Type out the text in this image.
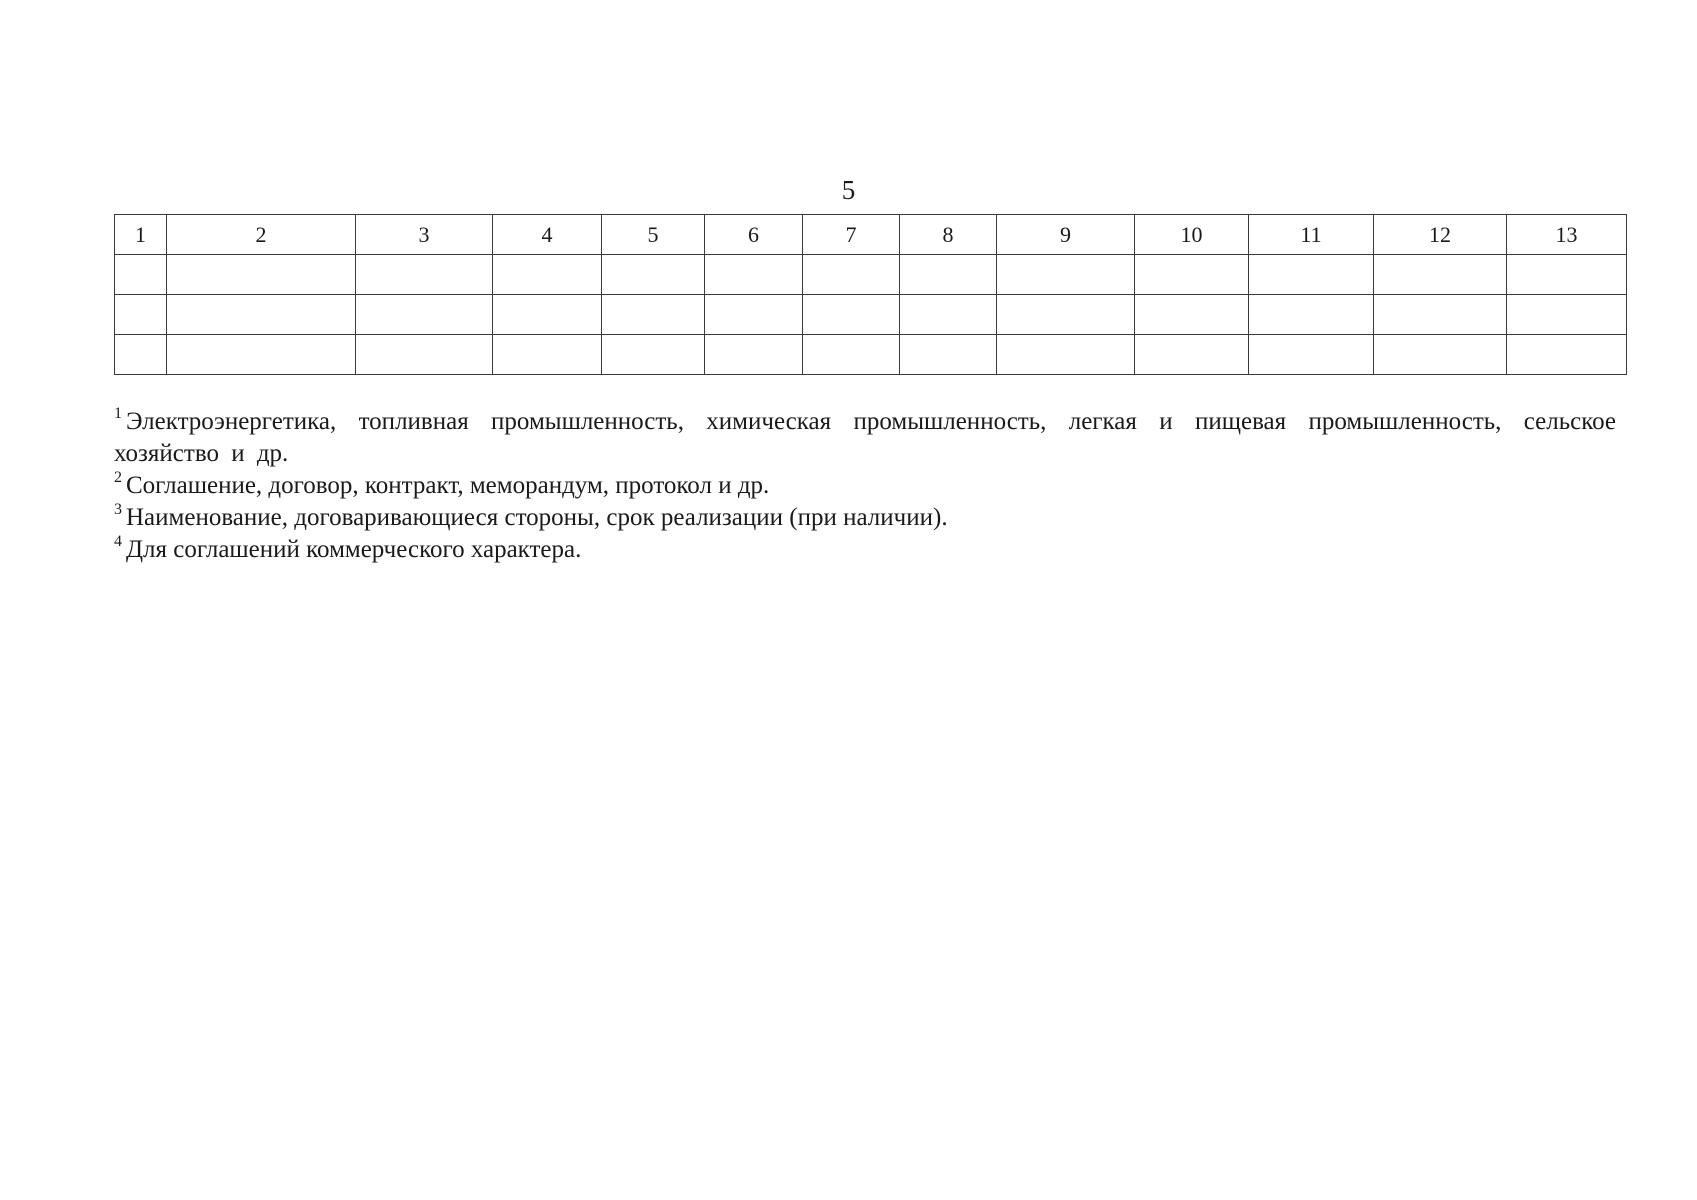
5
1	2	3	4	5	6	7	8	9	10	11	12	13

$^1$ Электроэнергетика, топливная промышленность, химическая промышленность, легкая и пищевая промышленность, сельское хозяйство и др.

$^2$ Соглашение, договор, контракт, меморандум, протокол и др.

$^3$ Наименование, договаривающиеся стороны, срок реализации (при наличии).

$^4$ Для соглашений коммерческого характера.
